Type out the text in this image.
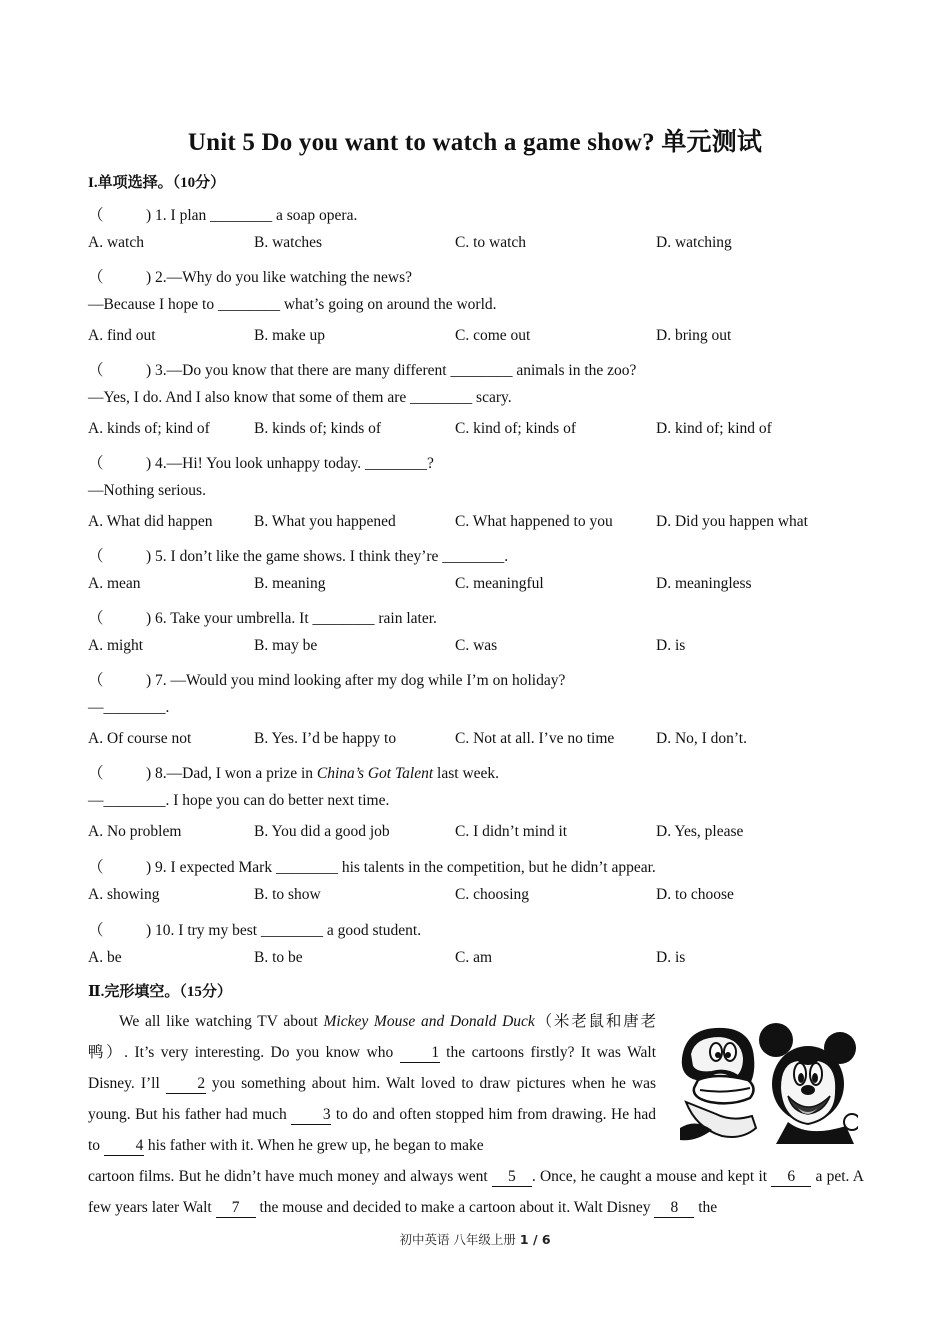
Unit 5 Do you want to watch a game show? 单元测试
I.单项选择。（10分）
（	) 1. I plan ________ a soap opera.
A. watch	B. watches	C. to watch	D. watching
（	) 2.—Why do you like watching the news?
—Because I hope to ________ what’s going on around the world.
A. find out	B. make up	C. come out	D. bring out
（	) 3.—Do you know that there are many different ________ animals in the zoo?
—Yes, I do. And I also know that some of them are ________ scary.
A. kinds of; kind of	B. kinds of; kinds of	C. kind of; kinds of	D. kind of; kind of
（	) 4.—Hi! You look unhappy today. ________?
—Nothing serious.
A. What did happen	B. What you happened	C. What happened to you	D. Did you happen what
（	) 5. I don’t like the game shows. I think they’re ________.
A. mean	B. meaning	C. meaningful	D. meaningless
（	) 6. Take your umbrella. It ________ rain later.
A. might	B. may be	C. was	D. is
（	) 7. —Would you mind looking after my dog while I’m on holiday?
—________.
A. Of course not	B. Yes. I’d be happy to	C. Not at all. I’ve no time	D. No, I don’t.
（	) 8.—Dad, I won a prize in China’s Got Talent last week.
—________. I hope you can do better next time.
A. No problem	B. You did a good job	C. I didn’t mind it	D. Yes, please
（	) 9. I expected Mark ________ his talents in the competition, but he didn’t appear.
A. showing	B. to show	C. choosing	D. to choose
（	) 10. I try my best ________ a good student.
A. be	B. to be	C. am	D. is
Ⅱ.完形填空。（15分）
We all like watching TV about Mickey Mouse and Donald Duck（米老鼠和唐老鸭）. It’s very interesting. Do you know who 1 the cartoons firstly? It was Walt Disney. I’ll 2 you something about him. Walt loved to draw pictures when he was young. But his father had much 3 to do and often stopped him from drawing. He had to 4 his father with it. When he grew up, he began to make
cartoon films. But he didn’t have much money and always went 5 . Once, he caught a mouse and kept it 6 a pet. A few years later Walt 7 the mouse and decided to make a cartoon about it. Walt Disney 8 the
初中英语 八年级上册 1 / 6
